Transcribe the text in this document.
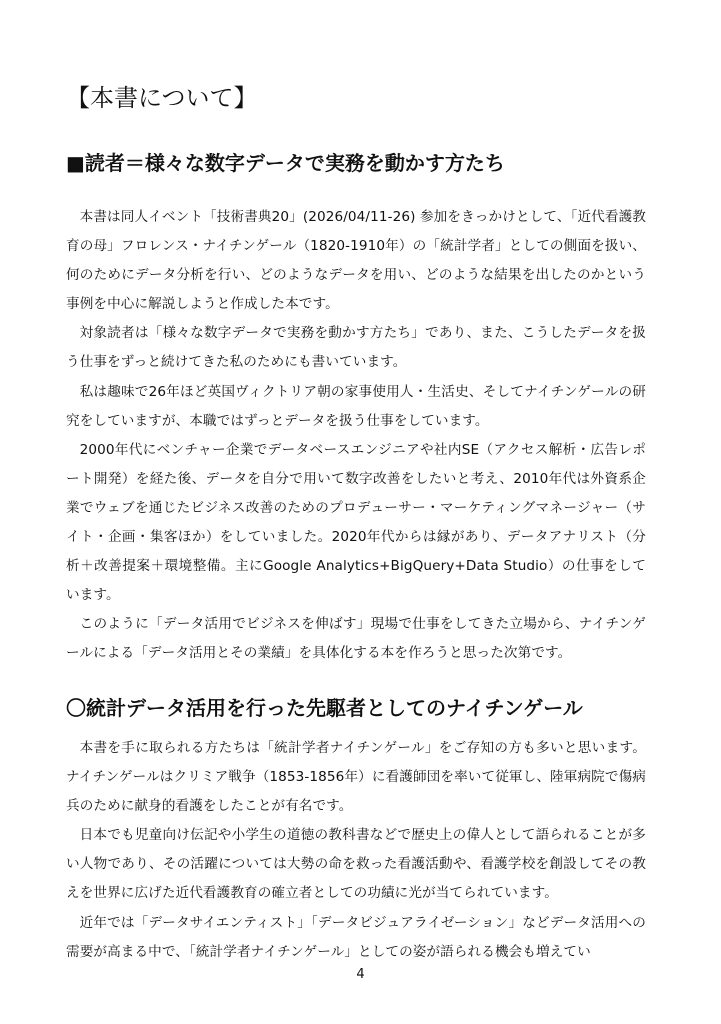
【本書について】
■読者＝様々な数字データで実務を動かす方たち

本書は同人イベント「技術書典20」(2026/04/11-26) 参加をきっかけとして、「近代看護教育の母」フロレンス・ナイチンゲール（1820-1910年）の「統計学者」としての側面を扱い、何のためにデータ分析を行い、どのようなデータを用い、どのような結果を出したのかという事例を中心に解説しようと作成した本です。

対象読者は「様々な数字データで実務を動かす方たち」であり、また、こうしたデータを扱う仕事をずっと続けてきた私のためにも書いています。

私は趣味で26年ほど英国ヴィクトリア朝の家事使用人・生活史、そしてナイチンゲールの研究をしていますが、本職ではずっとデータを扱う仕事をしています。

2000年代にベンチャー企業でデータベースエンジニアや社内SE（アクセス解析・広告レポート開発）を経た後、データを自分で用いて数字改善をしたいと考え、2010年代は外資系企業でウェブを通じたビジネス改善のためのプロデューサー・マーケティングマネージャー（サイト・企画・集客ほか）をしていました。2020年代からは縁があり、データアナリスト（分析＋改善提案＋環境整備。主にGoogle Analytics+BigQuery+Data Studio）の仕事をしています。

このように「データ活用でビジネスを伸ばす」現場で仕事をしてきた立場から、ナイチンゲールによる「データ活用とその業績」を具体化する本を作ろうと思った次第です。

〇統計データ活用を行った先駆者としてのナイチンゲール

本書を手に取られる方たちは「統計学者ナイチンゲール」をご存知の方も多いと思います。ナイチンゲールはクリミア戦争（1853-1856年）に看護師団を率いて従軍し、陸軍病院で傷病兵のために献身的看護をしたことが有名です。

日本でも児童向け伝記や小学生の道徳の教科書などで歴史上の偉人として語られることが多い人物であり、その活躍については大勢の命を救った看護活動や、看護学校を創設してその教えを世界に広げた近代看護教育の確立者としての功績に光が当てられています。

近年では「データサイエンティスト」「データビジュアライゼーション」などデータ活用への需要が高まる中で、「統計学者ナイチンゲール」としての姿が語られる機会も増えてい

4
